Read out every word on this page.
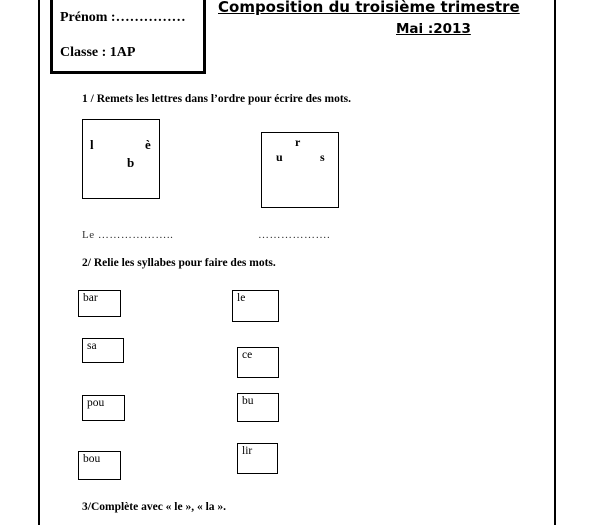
Prénom :……………
Classe : 1AP
Composition du troisième trimestre
Mai :2013
1 / Remets les lettres dans l’ordre pour écrire des mots.
l	è
b
r
u	s
Le ………………..	……………….
2/ Relie les syllabes pour faire des mots.
bar
sa
pou
bou
le
ce
bu
lir
3/Complète avec « le », « la ».
